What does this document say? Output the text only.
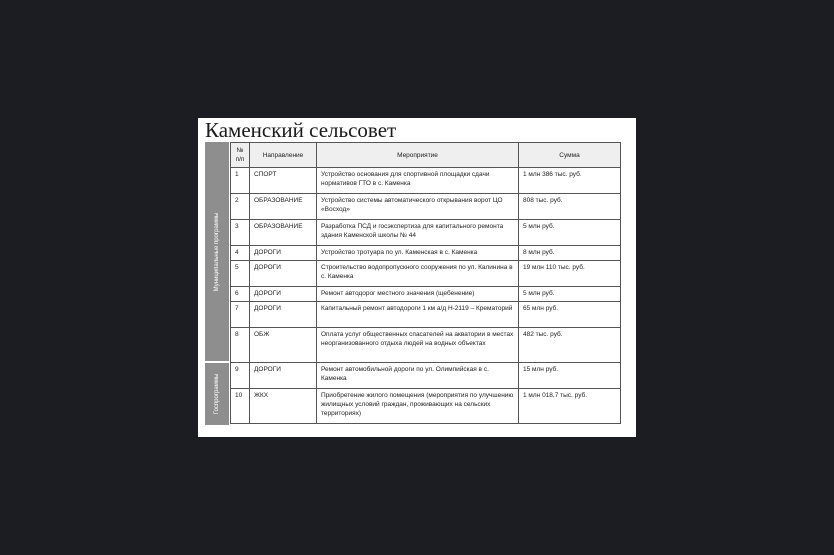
Каменский сельсовет
Муниципальные программы
Госпрограммы
№ п/п	Направление	Мероприятие	Сумма
1	СПОРТ	Устройство основания для спортивной площадки сдачи нормативов ГТО в с. Каменка	1 млн 386 тыс. руб.
2	ОБРАЗОВАНИЕ	Устройство системы автоматического открывания ворот ЦО «Восход»	808 тыс. руб.
3	ОБРАЗОВАНИЕ	Разработка ПСД и госэкспертиза для капитального ремонта здания Каменской школы № 44	5 млн руб.
4	ДОРОГИ	Устройство тротуара по ул. Каменская в с. Каменка	8 млн руб.
5	ДОРОГИ	Строительство водопропускного сооружения по ул. Калинина в с. Каменка	19 млн 110 тыс. руб.
6	ДОРОГИ	Ремонт автодорог местного значения (щебенение)	5 млн руб.
7	ДОРОГИ	Капитальный ремонт автодороги 1 км а/д Н-2119 – Крематорий	65 млн руб.
8	ОБЖ	Оплата услуг общественных спасателей на акватории в местах неорганизованного отдыха людей на водных объектах	482 тыс. руб.
9	ДОРОГИ	Ремонт автомобильной дороги по ул. Олимпийская в с. Каменка	15 млн руб.
10	ЖКХ	Приобретение жилого помещения (мероприятия по улучшению жилищных условий граждан, проживающих на сельских территориях)	1 млн 018,7 тыс. руб.
